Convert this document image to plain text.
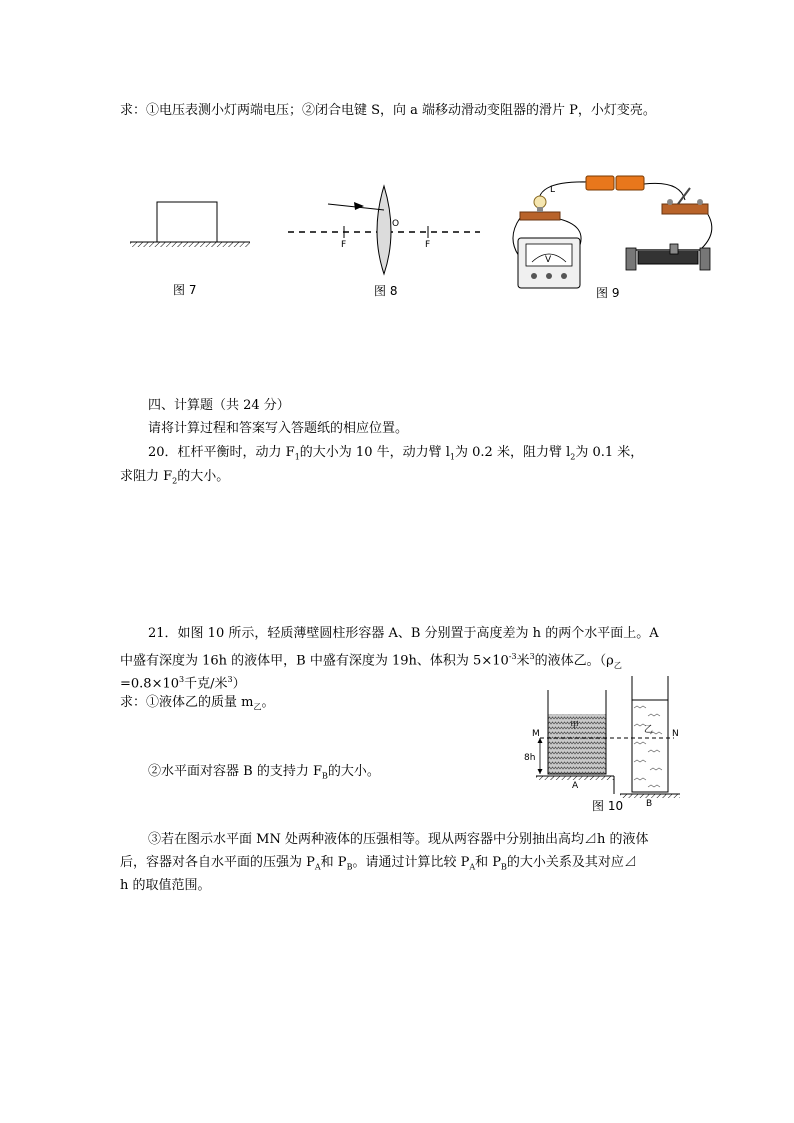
求：①电压表测小灯两端电压；②闭合电键 S，向 a 端移动滑动变阻器的滑片 P，小灯变亮。
图 7
F	F
O
图 8
L
V
图 9
四、计算题（共 24 分）
请将计算过程和答案写入答题纸的相应位置。
20．杠杆平衡时，动力 $F_1$的大小为 10 牛，动力臂 $l_1$为 0.2 米，阻力臂 $l_2$为 0.1 米，
求阻力 $F_2$的大小。
21．如图 10 所示，轻质薄壁圆柱形容器 A、B 分别置于高度差为 h 的两个水平面上。A
中盛有深度为 16h 的液体甲，B 中盛有深度为 19h、体积为 $5\times 10^{-3}$米$^3$的液体乙。（$\rho_乙$
$=0.8\times 10^3$千克/米$^3$）
求：①液体乙的质量 $m_乙$。
②水平面对容器 B 的支持力 $F_B$的大小。
③若在图示水平面 MN 处两种液体的压强相等。现从两容器中分别抽出高均⊿h 的液体
后，容器对各自水平面的压强为 $P_A$和 $P_B$。请通过计算比较 $P_A$和 $P_B$的大小关系及其对应⊿
h 的取值范围。
M	N
8h
甲	乙
A
B
图 10
